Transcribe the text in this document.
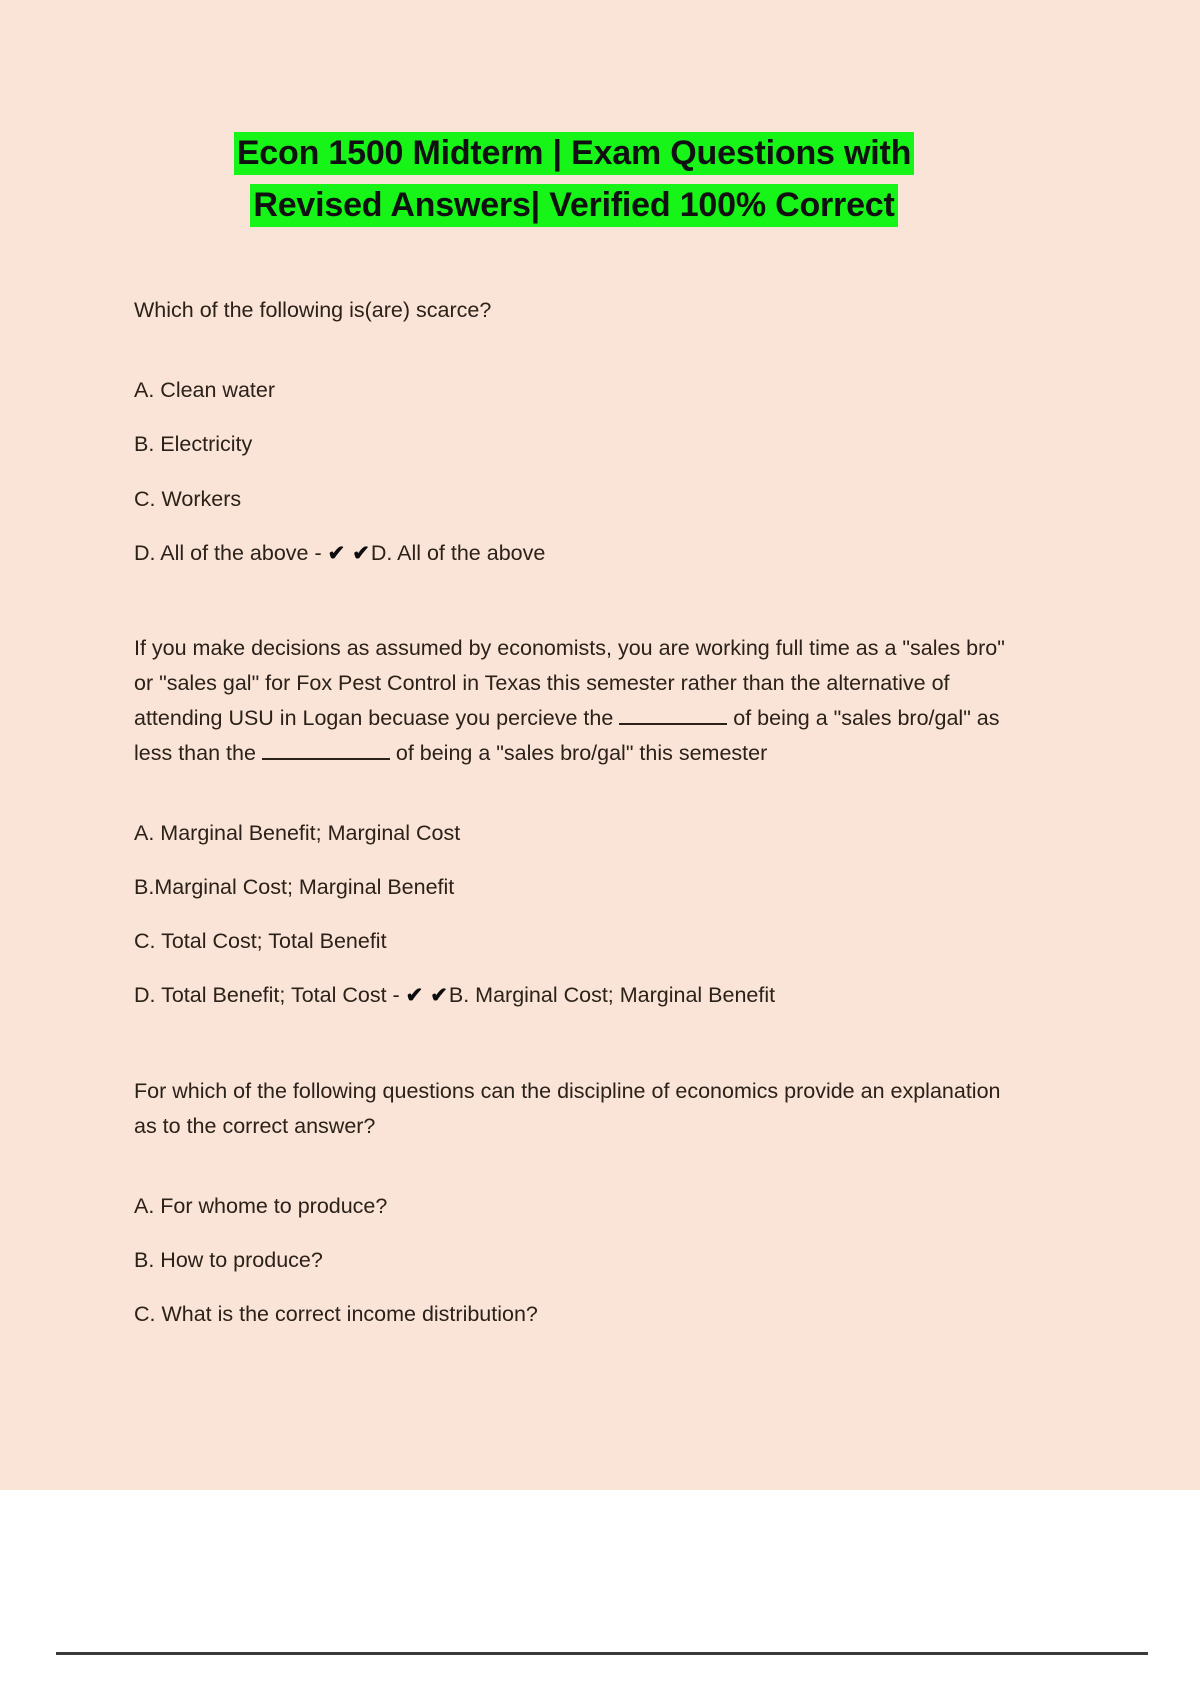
Econ 1500 Midterm | Exam Questions with
Revised Answers| Verified 100% Correct

Which of the following is(are) scarce?

A. Clean water

B. Electricity

C. Workers

D. All of the above - ✔ ✔D. All of the above

If you make decisions as assumed by economists, you are working full time as a "sales bro" or "sales gal" for Fox Pest Control in Texas this semester rather than the alternative of attending USU in Logan becuase you percieve the	of being a "sales bro/gal" as less than the	of being a "sales bro/gal" this semester

A. Marginal Benefit; Marginal Cost

B.Marginal Cost; Marginal Benefit

C. Total Cost; Total Benefit

D. Total Benefit; Total Cost - ✔ ✔B. Marginal Cost; Marginal Benefit

For which of the following questions can the discipline of economics provide an explanation as to the correct answer?

A. For whome to produce?

B. How to produce?

C. What is the correct income distribution?
